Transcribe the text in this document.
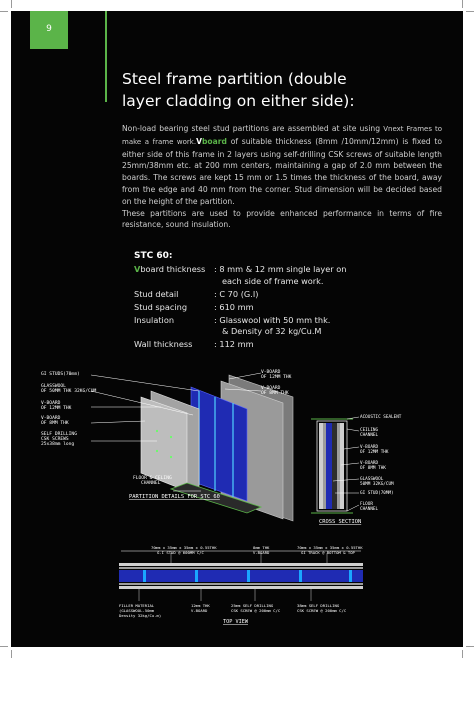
9
Steel frame partition (double
layer cladding on either side):

Non-load bearing steel stud partitions are assembled at site using Vnext Frames to make a frame work.Vboard of suitable thickness (8mm /10mm/12mm) is fixed to either side of this frame in 2 layers using self-drilling CSK screws of suitable length 25mm/38mm etc. at 200 mm centers, maintaining a gap of 2.0 mm between the boards. The screws are kept 15 mm or 1.5 times the thickness of the board, away from the edge and 40 mm from the corner. Stud dimension will be decided based on the height of the partition.

These partitions are used to provide enhanced performance in terms of fire resistance, sound insulation.

STC 60:
Vboard thickness	: 8 mm & 12 mm single layer on
each side of frame work.
Stud detail	: C 70 (G.I)
Stud spacing	: 610 mm
Insulation	: Glasswool with 50 mm thk.
& Density of 32 kg/Cu.M
Wall thickness	: 112 mm
GI STUDS(70mm)
GLASSWOOL
OF 50MM THK 32KG/CUM
V-BOARD
OF 12MM THK
V-BOARD
OF 8MM THK
SELF DRILLING
CSK SCREWS
25x38mm long
V-BOARD
OF 12MM THK
V-BOARD
OF 8MM THK
FLOOR & CELING
CHANNEL
PARTITION DETAILS FOR STC 60
ACOUSTIC SEALENT
CEILING
CHANNEL
V-BOARD
OF 12MM THK
V-BOARD
OF 8MM THK
GLASSWOOL
50MM 32KG/CUM
GI STUD(70MM)
FLOOR
CHANNEL
CROSS SECTION
70mm x 35mm x 35mm x 0.55THK
G.I STUD @ 600MM C/C
8mm THK
V-BOARD
70mm x 35mm x 35mm x 0.55THK
GI TRACK @ BOTTOM & TOP
FILLER MATERIAL
(GLASSWOOL-50mm
Density 32kg/Cu.m)
12mm THK
V-BOARD
25mm SELF DRILLING
CSK SCREW @ 200mm C/C
38mm SELF DRILLING
CSK SCREW @ 200mm C/C
TOP VIEW
